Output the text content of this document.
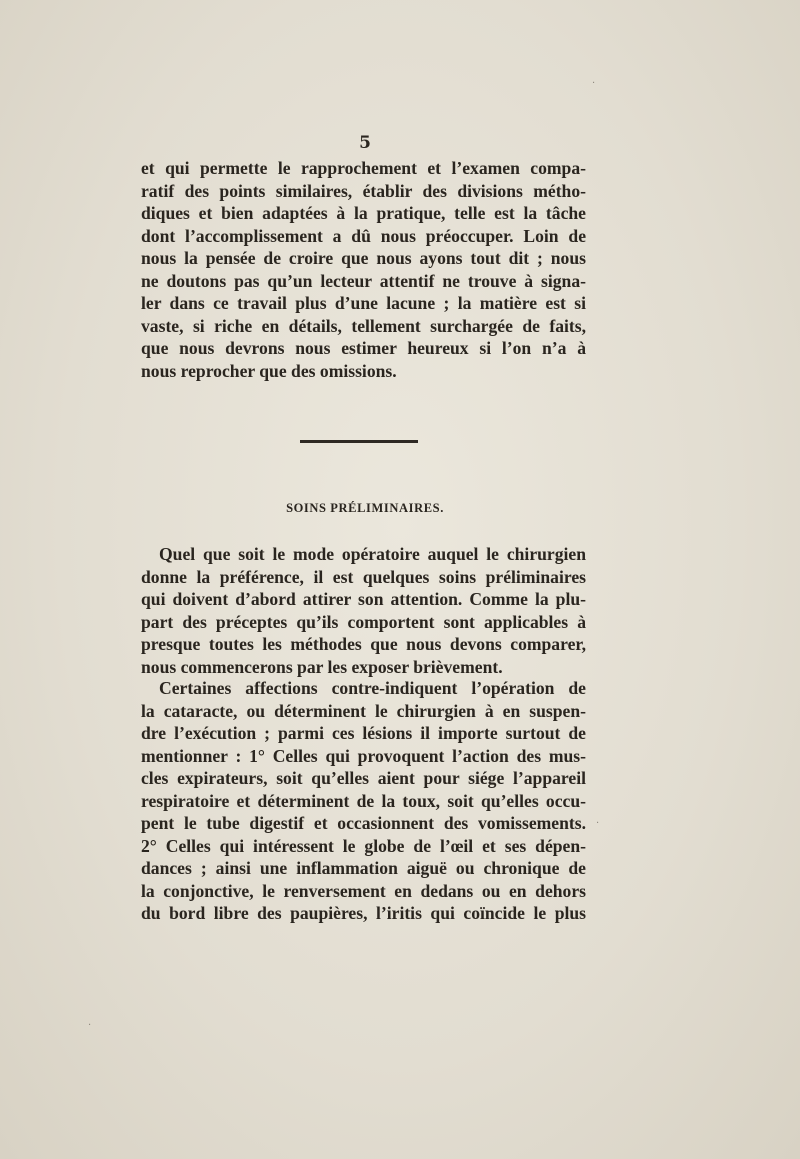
5
et qui permette le rapprochement et l’examen compa-
ratif des points similaires, établir des divisions métho-
diques et bien adaptées à la pratique, telle est la tâche
dont l’accomplissement a dû nous préoccuper. Loin de
nous la pensée de croire que nous ayons tout dit ; nous
ne doutons pas qu’un lecteur attentif ne trouve à signa-
ler dans ce travail plus d’une lacune ; la matière est si
vaste, si riche en détails, tellement surchargée de faits,
que nous devrons nous estimer heureux si l’on n’a à
nous reprocher que des omissions.
SOINS PRÉLIMINAIRES.
Quel que soit le mode opératoire auquel le chirurgien
donne la préférence, il est quelques soins préliminaires
qui doivent d’abord attirer son attention. Comme la plu-
part des préceptes qu’ils comportent sont applicables à
presque toutes les méthodes que nous devons comparer,
nous commencerons par les exposer brièvement.
Certaines affections contre-indiquent l’opération de
la cataracte, ou déterminent le chirurgien à en suspen-
dre l’exécution ; parmi ces lésions il importe surtout de
mentionner : 1° Celles qui provoquent l’action des mus-
cles expirateurs, soit qu’elles aient pour siége l’appareil
respiratoire et déterminent de la toux, soit qu’elles occu-
pent le tube digestif et occasionnent des vomissements.
2° Celles qui intéressent le globe de l’œil et ses dépen-
dances ; ainsi une inflammation aiguë ou chronique de
la conjonctive, le renversement en dedans ou en dehors
du bord libre des paupières, l’iritis qui coïncide le plus
·
·
·
